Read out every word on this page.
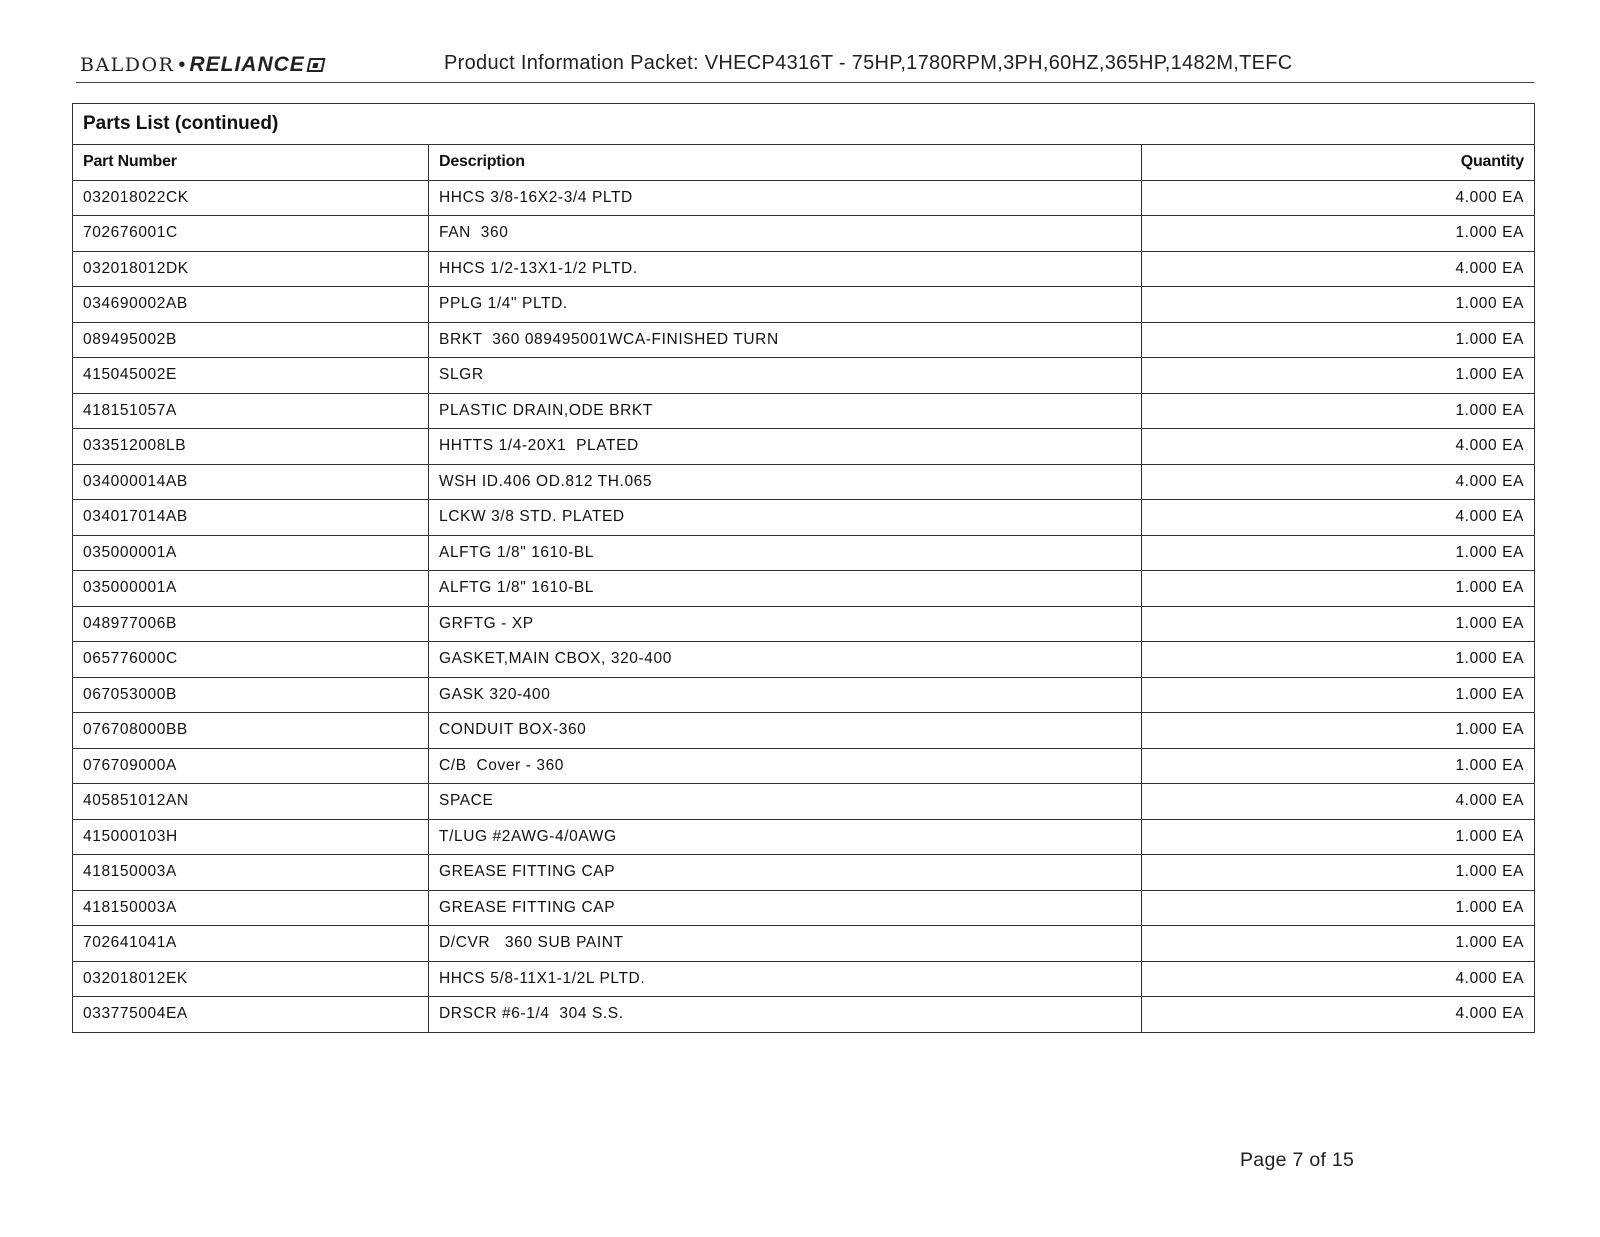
BALDOR • RELIANCE	Product Information Packet: VHECP4316T - 75HP,1780RPM,3PH,60HZ,365HP,1482M,TEFC
Parts List (continued)		
Part Number	Description	Quantity
032018022CK	HHCS 3/8-16X2-3/4 PLTD	4.000 EA
702676001C	FAN  360	1.000 EA
032018012DK	HHCS 1/2-13X1-1/2 PLTD.	4.000 EA
034690002AB	PPLG 1/4" PLTD.	1.000 EA
089495002B	BRKT  360 089495001WCA-FINISHED TURN	1.000 EA
415045002E	SLGR	1.000 EA
418151057A	PLASTIC DRAIN,ODE BRKT	1.000 EA
033512008LB	HHTTS 1/4-20X1  PLATED	4.000 EA
034000014AB	WSH ID.406 OD.812 TH.065	4.000 EA
034017014AB	LCKW 3/8 STD. PLATED	4.000 EA
035000001A	ALFTG 1/8" 1610-BL	1.000 EA
035000001A	ALFTG 1/8" 1610-BL	1.000 EA
048977006B	GRFTG - XP	1.000 EA
065776000C	GASKET,MAIN CBOX, 320-400	1.000 EA
067053000B	GASK 320-400	1.000 EA
076708000BB	CONDUIT BOX-360	1.000 EA
076709000A	C/B  Cover - 360	1.000 EA
405851012AN	SPACE	4.000 EA
415000103H	T/LUG #2AWG-4/0AWG	1.000 EA
418150003A	GREASE FITTING CAP	1.000 EA
418150003A	GREASE FITTING CAP	1.000 EA
702641041A	D/CVR   360 SUB PAINT	1.000 EA
032018012EK	HHCS 5/8-11X1-1/2L PLTD.	4.000 EA
033775004EA	DRSCR #6-1/4  304 S.S.	4.000 EA
Page 7 of 15
